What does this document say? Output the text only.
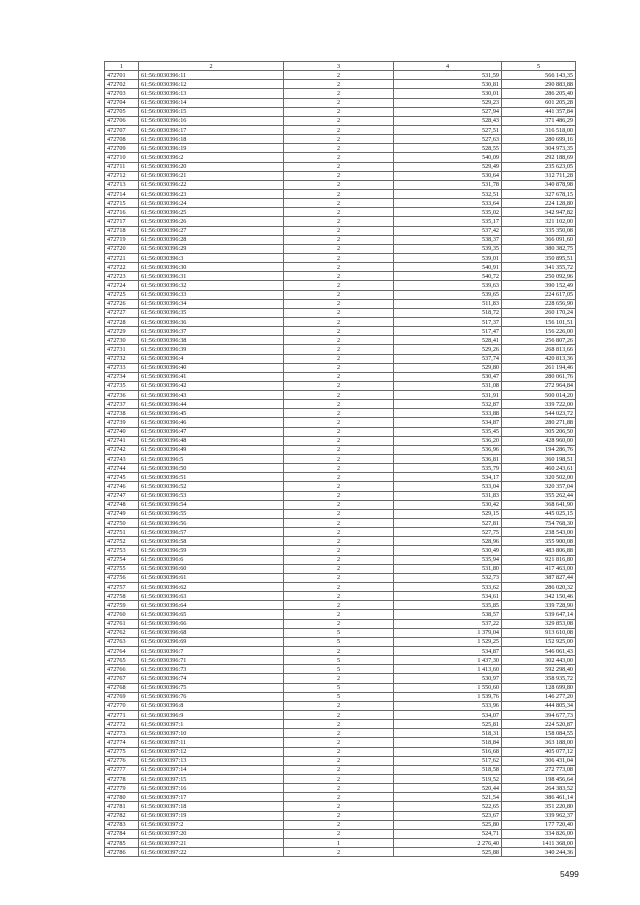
1	2	3	4	5
472701	61:56:0030396:11	2	531,59	566 143,35
472702	61:56:0030396:12	2	530,81	290 883,88
472703	61:56:0030396:13	2	530,01	286 205,40
472704	61:56:0030396:14	2	529,23	601 205,28
472705	61:56:0030396:15	2	527,94	441 357,84
472706	61:56:0030396:16	2	528,43	371 486,29
472707	61:56:0030396:17	2	527,51	316 518,00
472708	61:56:0030396:18	2	527,63	280 699,16
472709	61:56:0030396:19	2	528,55	304 973,35
472710	61:56:0030396:2	2	540,09	292 188,69
472711	61:56:0030396:20	2	529,49	235 623,05
472712	61:56:0030396:21	2	530,64	312 711,28
472713	61:56:0030396:22	2	531,78	340 878,98
472714	61:56:0030396:23	2	532,51	327 678,15
472715	61:56:0030396:24	2	533,64	224 128,80
472716	61:56:0030396:25	2	535,02	342 947,82
472717	61:56:0030396:26	2	535,17	321 102,00
472718	61:56:0030396:27	2	537,42	335 350,08
472719	61:56:0030396:28	2	538,37	366 091,60
472720	61:56:0030396:29	2	539,35	380 382,75
472721	61:56:0030396:3	2	539,01	350 895,51
472722	61:56:0030396:30	2	540,91	341 355,72
472723	61:56:0030396:31	2	540,72	250 092,96
472724	61:56:0030396:32	2	539,63	390 152,49
472725	61:56:0030396:33	2	539,65	224 617,05
472726	61:56:0030396:34	2	511,83	228 656,90
472727	61:56:0030396:35	2	518,72	260 170,24
472728	61:56:0030396:36	2	517,37	156 101,51
472729	61:56:0030396:37	2	517,47	156 226,00
472730	61:56:0030396:38	2	528,41	256 807,26
472731	61:56:0030396:39	2	529,26	268 813,66
472732	61:56:0030396:4	2	537,74	420 813,36
472733	61:56:0030396:40	2	529,80	261 194,46
472734	61:56:0030396:41	2	530,47	280 061,76
472735	61:56:0030396:42	2	531,08	272 964,84
472736	61:56:0030396:43	2	531,91	500 014,20
472737	61:56:0030396:44	2	532,87	339 722,00
472738	61:56:0030396:45	2	533,88	544 023,72
472739	61:56:0030396:46	2	534,87	280 271,88
472740	61:56:0030396:47	2	535,45	305 206,50
472741	61:56:0030396:48	2	536,20	428 960,00
472742	61:56:0030396:49	2	536,96	194 286,76
472743	61:56:0030396:5	2	536,81	360 198,51
472744	61:56:0030396:50	2	535,79	460 243,61
472745	61:56:0030396:51	2	534,17	320 502,00
472746	61:56:0030396:52	2	533,04	320 357,04
472747	61:56:0030396:53	2	531,83	355 262,44
472748	61:56:0030396:54	2	530,42	368 641,90
472749	61:56:0030396:55	2	529,15	445 025,15
472750	61:56:0030396:56	2	527,81	754 768,30
472751	61:56:0030396:57	2	527,75	238 543,00
472752	61:56:0030396:58	2	528,96	355 900,08
472753	61:56:0030396:59	2	530,49	483 806,88
472754	61:56:0030396:6	2	535,94	921 816,80
472755	61:56:0030396:60	2	531,80	417 463,00
472756	61:56:0030396:61	2	532,73	387 827,44
472757	61:56:0030396:62	2	533,62	286 020,32
472758	61:56:0030396:63	2	534,61	342 150,46
472759	61:56:0030396:64	2	535,85	339 728,90
472760	61:56:0030396:65	2	538,57	539 647,14
472761	61:56:0030396:66	2	537,22	329 853,08
472762	61:56:0030396:68	5	1 379,04	913 610,08
472763	61:56:0030396:69	5	1 529,25	152 925,00
472764	61:56:0030396:7	2	534,87	546 061,43
472765	61:56:0030396:71	5	1 437,30	302 443,00
472766	61:56:0030396:73	5	1 413,60	592 298,40
472767	61:56:0030396:74	2	530,97	358 935,72
472768	61:56:0030396:75	5	1 550,60	128 699,80
472769	61:56:0030396:76	5	1 539,76	146 277,20
472770	61:56:0030396:8	2	533,96	444 805,34
472771	61:56:0030396:9	2	534,07	394 677,73
472772	61:56:0030397:1	2	525,81	224 520,87
472773	61:56:0030397:10	2	518,31	158 084,55
472774	61:56:0030397:11	2	518,84	363 188,00
472775	61:56:0030397:12	2	516,68	405 077,12
472776	61:56:0030397:13	2	517,62	306 431,04
472777	61:56:0030397:14	2	518,58	272 773,08
472778	61:56:0030397:15	2	519,52	198 456,64
472779	61:56:0030397:16	2	520,44	264 383,52
472780	61:56:0030397:17	2	521,54	386 461,14
472781	61:56:0030397:18	2	522,65	351 220,80
472782	61:56:0030397:19	2	523,67	339 962,37
472783	61:56:0030397:2	2	525,80	177 720,40
472784	61:56:0030397:20	2	524,71	334 826,00
472785	61:56:0030397:21	1	2 276,40	1411 368,00
472786	61:56:0030397:22	2	525,88	340 244,36
5499
